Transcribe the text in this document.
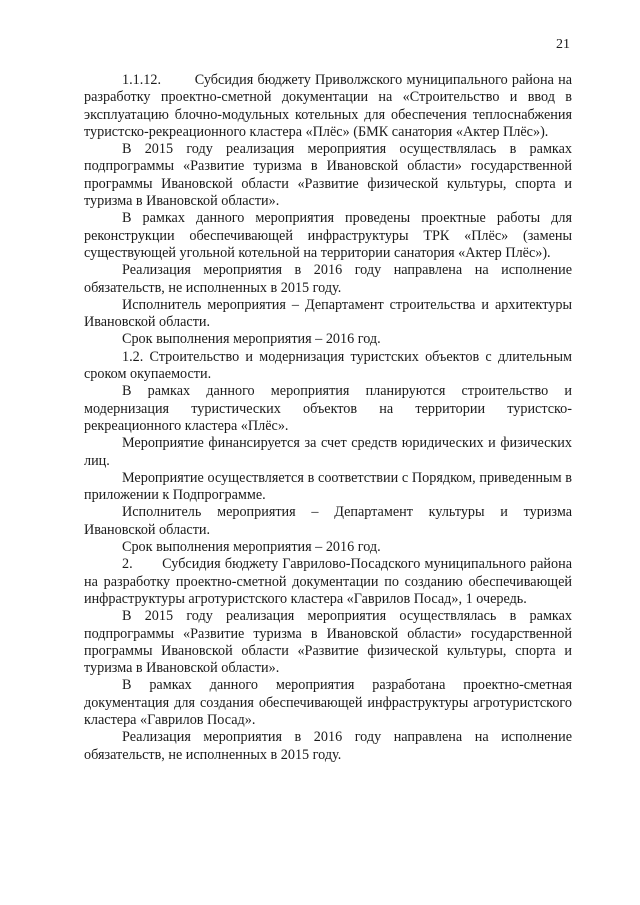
21

1.1.12.        Субсидия бюджету Приволжского муниципального района на разработку проектно-сметной документации на «Строительство и ввод в эксплуатацию блочно-модульных котельных для обеспечения теплоснабжения туристско-рекреационного кластера «Плёс» (БМК санатория «Актер Плёс»).

В 2015 году реализация мероприятия осуществлялась в рамках подпрограммы «Развитие туризма в Ивановской области» государственной программы Ивановской области «Развитие физической культуры, спорта и туризма в Ивановской области».

В рамках данного мероприятия проведены проектные работы для реконструкции обеспечивающей инфраструктуры ТРК «Плёс» (замены существующей угольной котельной на территории санатория «Актер Плёс»).

Реализация мероприятия в 2016 году направлена на исполнение обязательств, не исполненных в 2015 году.

Исполнитель мероприятия – Департамент строительства и архитектуры Ивановской области.

Срок выполнения мероприятия – 2016 год.

1.2. Строительство и модернизация туристских объектов с длительным сроком окупаемости.

В рамках данного мероприятия планируются строительство и модернизация туристических объектов на территории туристско-рекреационного кластера «Плёс».

Мероприятие финансируется за счет средств юридических и физических лиц.

Мероприятие осуществляется в соответствии с Порядком, приведенным в приложении к Подпрограмме.

Исполнитель мероприятия – Департамент культуры и туризма Ивановской области.

Срок выполнения мероприятия – 2016 год.

2.       Субсидия бюджету Гаврилово-Посадского муниципального района на разработку проектно-сметной документации по созданию обеспечивающей инфраструктуры агротуристского кластера «Гаврилов Посад», 1 очередь.

В 2015 году реализация мероприятия осуществлялась в рамках подпрограммы «Развитие туризма в Ивановской области» государственной программы Ивановской области «Развитие физической культуры, спорта и туризма в Ивановской области».

В рамках данного мероприятия разработана проектно-сметная документация для создания обеспечивающей инфраструктуры агротуристского кластера «Гаврилов Посад».

Реализация мероприятия в 2016 году направлена на исполнение обязательств, не исполненных в 2015 году.
